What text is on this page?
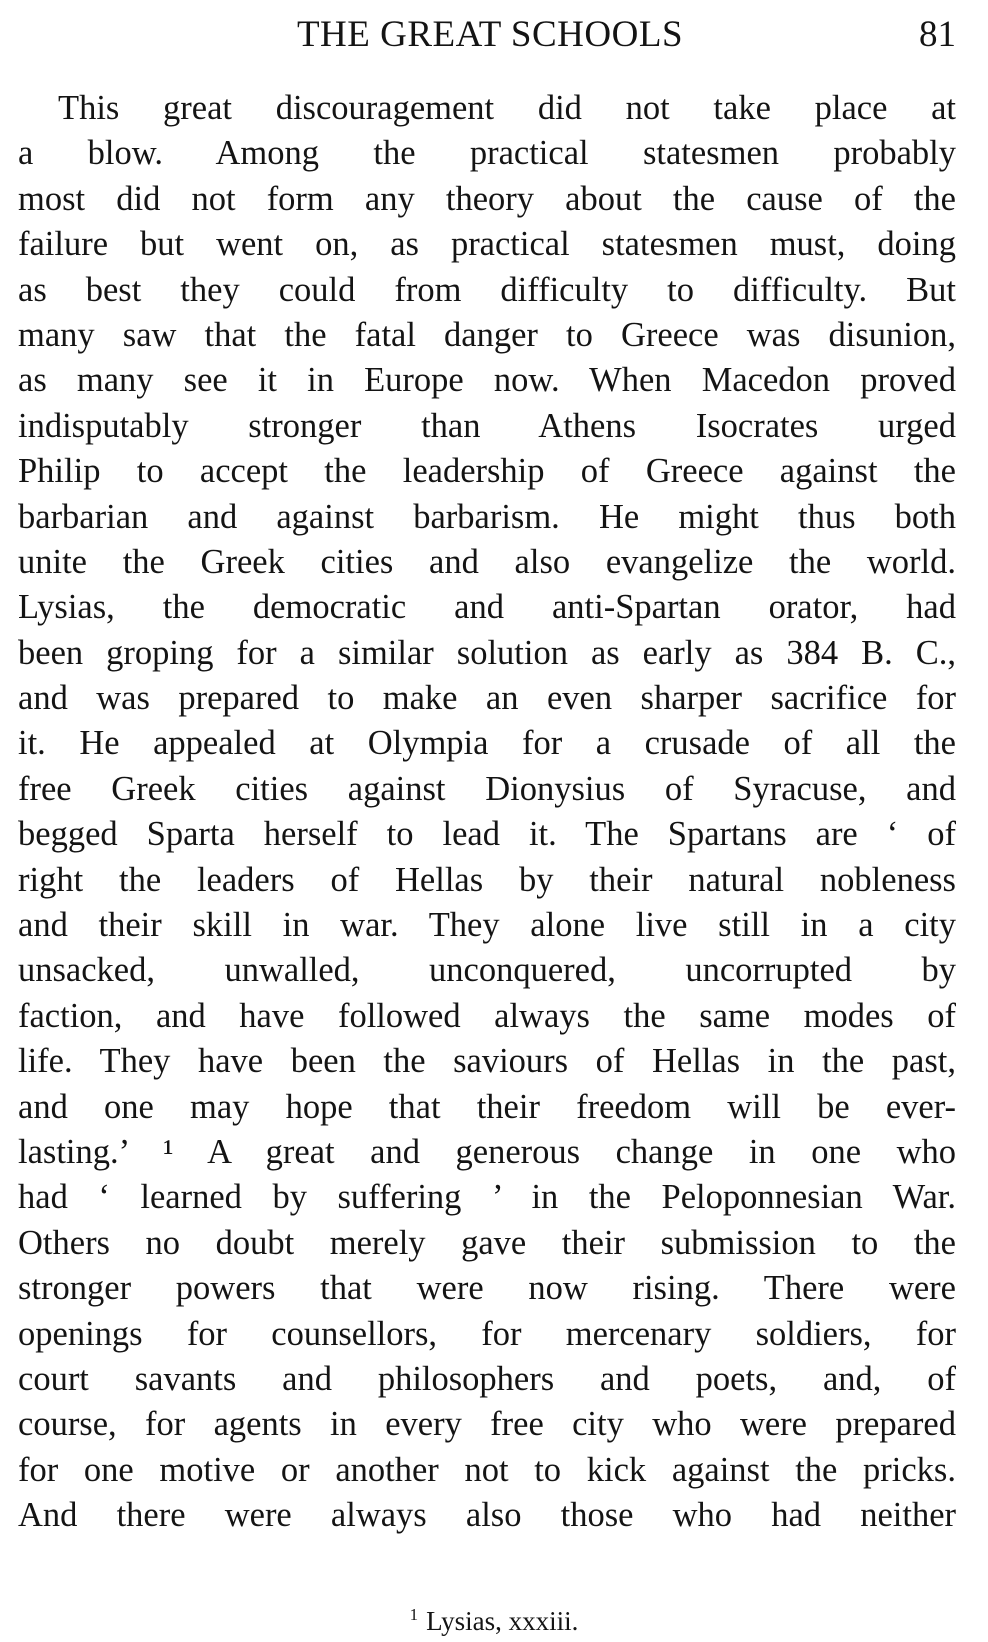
THE GREAT SCHOOLS	81
This great discouragement did not take place at
a blow. Among the practical statesmen probably
most did not form any theory about the cause of the
failure but went on, as practical statesmen must, doing
as best they could from difficulty to difficulty. But
many saw that the fatal danger to Greece was disunion,
as many see it in Europe now. When Macedon proved
indisputably stronger than Athens Isocrates urged
Philip to accept the leadership of Greece against the
barbarian and against barbarism. He might thus both
unite the Greek cities and also evangelize the world.
Lysias, the democratic and anti-Spartan orator, had
been groping for a similar solution as early as 384 B. C.,
and was prepared to make an even sharper sacrifice for
it. He appealed at Olympia for a crusade of all the
free Greek cities against Dionysius of Syracuse, and
begged Sparta herself to lead it. The Spartans are ‘ of
right the leaders of Hellas by their natural nobleness
and their skill in war. They alone live still in a city
unsacked, unwalled, unconquered, uncorrupted by
faction, and have followed always the same modes of
life. They have been the saviours of Hellas in the past,
and one may hope that their freedom will be ever-
lasting.’ ¹ A great and generous change in one who
had ‘ learned by suffering ’ in the Peloponnesian War.
Others no doubt merely gave their submission to the
stronger powers that were now rising. There were
openings for counsellors, for mercenary soldiers, for
court savants and philosophers and poets, and, of
course, for agents in every free city who were prepared
for one motive or another not to kick against the pricks.
And there were always also those who had neither
$^1$ Lysias, xxxiii.
